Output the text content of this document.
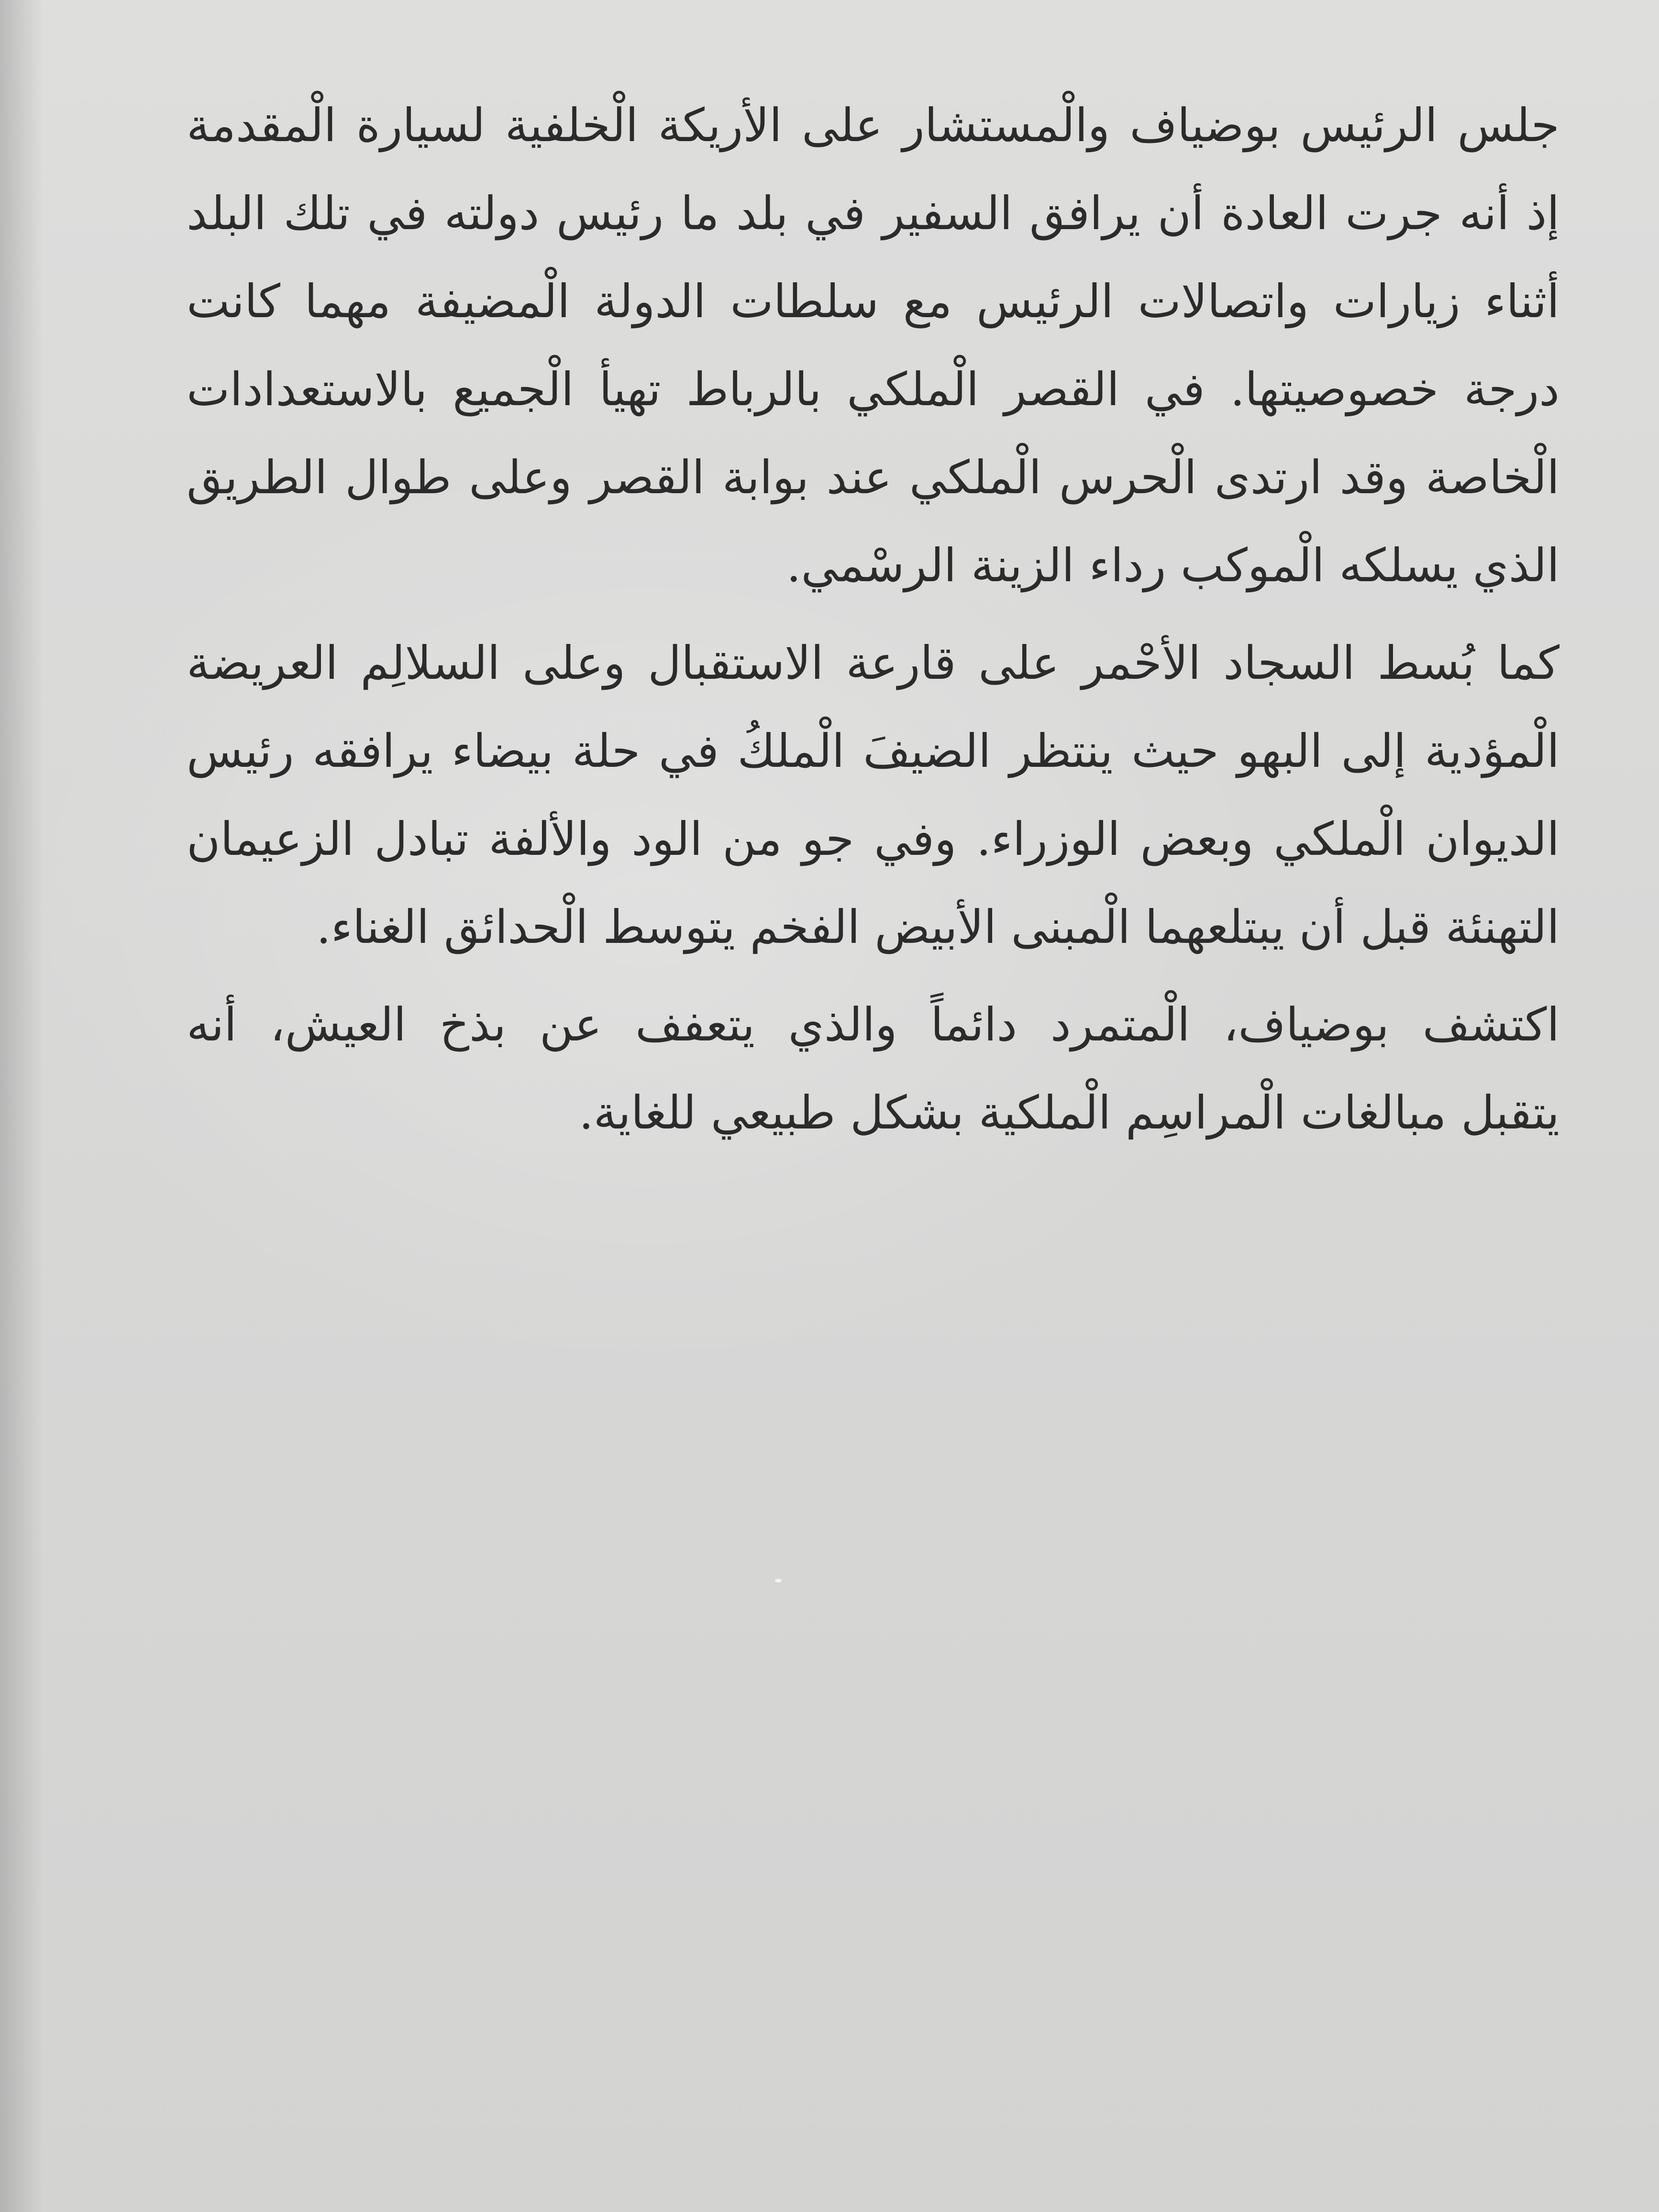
جلس الرئيس بوضياف والْمستشار على الأريكة الْخلفية لسيارة الْمقدمة
إذ أنه جرت العادة أن يرافق السفير في بلد ما رئيس دولته في تلك البلد
أثناء زيارات واتصالات الرئيس مع سلطات الدولة الْمضيفة مهما كانت
درجة خصوصيتها. في القصر الْملكي بالرباط تهيأ الْجميع بالاستعدادات
الْخاصة وقد ارتدى الْحرس الْملكي عند بوابة القصر وعلى طوال الطريق
الذي يسلكه الْموكب رداء الزينة الرسْمي.
كما بُسط السجاد الأحْمر على قارعة الاستقبال وعلى السلالِم العريضة
الْمؤدية إلى البهو حيث ينتظر الضيفَ الْملكُ في حلة بيضاء يرافقه رئيس
الديوان الْملكي وبعض الوزراء. وفي جو من الود والألفة تبادل الزعيمان
التهنئة قبل أن يبتلعهما الْمبنى الأبيض الفخم يتوسط الْحدائق الغناء.
اكتشف بوضياف، الْمتمرد دائماً والذي يتعفف عن بذخ العيش، أنه
يتقبل مبالغات الْمراسِم الْملكية بشكل طبيعي للغاية.
